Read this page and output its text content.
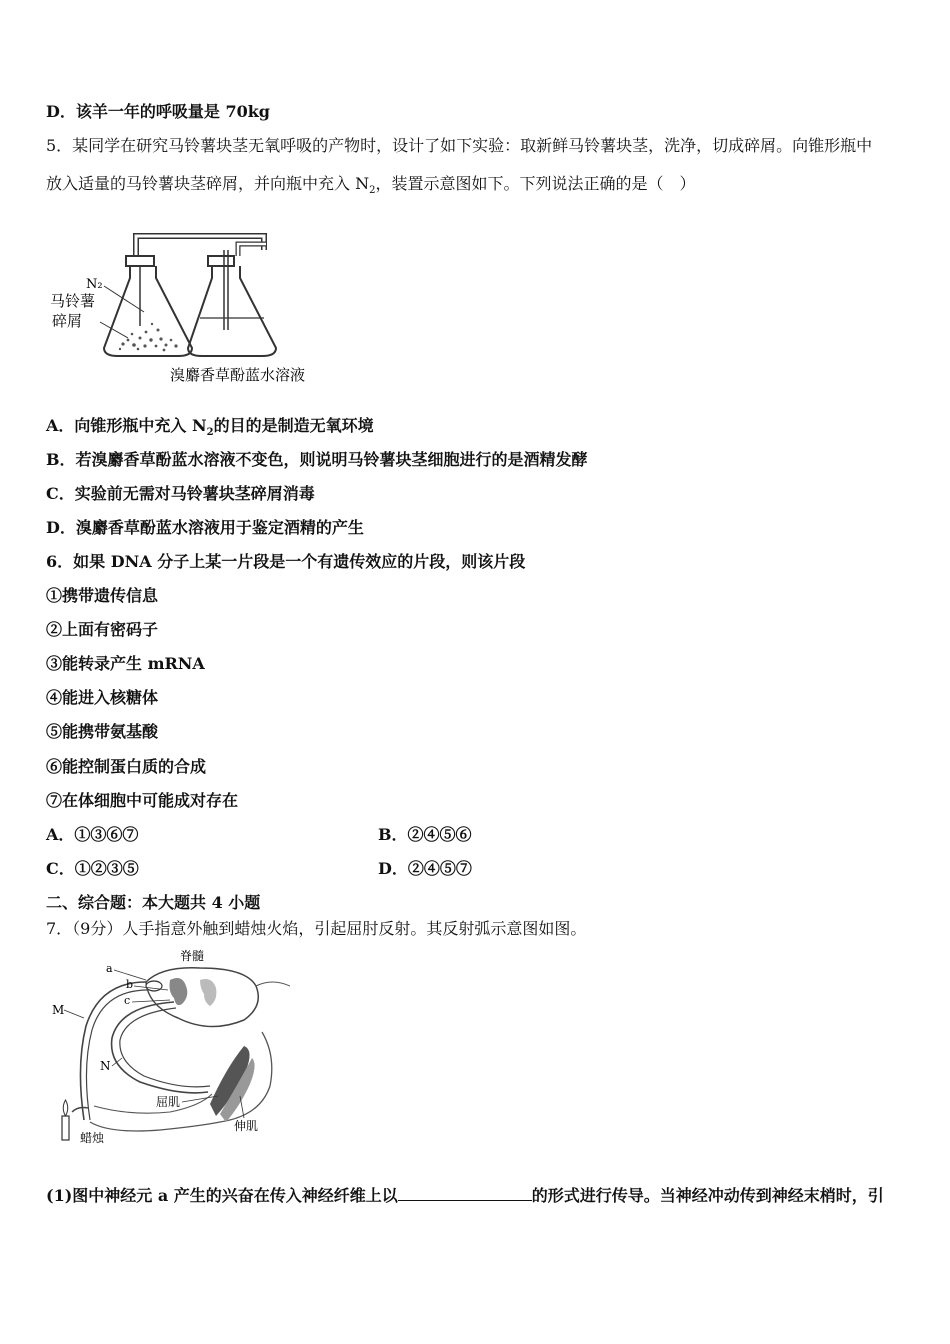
D．该羊一年的呼吸量是 70kg
5．某同学在研究马铃薯块茎无氧呼吸的产物时，设计了如下实验：取新鲜马铃薯块茎，洗净，切成碎屑。向锥形瓶中
放入适量的马铃薯块茎碎屑，并向瓶中充入 $N_2$，装置示意图如下。下列说法正确的是（　）
N₂
马铃薯
碎屑
溴麝香草酚蓝水溶液
A．向锥形瓶中充入 $N_2$的目的是制造无氧环境
B．若溴麝香草酚蓝水溶液不变色，则说明马铃薯块茎细胞进行的是酒精发酵
C．实验前无需对马铃薯块茎碎屑消毒
D．溴麝香草酚蓝水溶液用于鉴定酒精的产生
6．如果 DNA 分子上某一片段是一个有遗传效应的片段，则该片段
①携带遗传信息
②上面有密码子
③能转录产生 mRNA
④能进入核糖体
⑤能携带氨基酸
⑥能控制蛋白质的合成
⑦在体细胞中可能成对存在
A．①③⑥⑦	B．②④⑤⑥
C．①②③⑤	D．②④⑤⑦
二、综合题：本大题共 4 小题
7．（9分）人手指意外触到蜡烛火焰，引起屈肘反射。其反射弧示意图如图。
脊髓
a
b
c
M
N
屈肌
伸肌
蜡烛
(1)图中神经元 a 产生的兴奋在传入神经纤维上以	的形式进行传导。当神经冲动传到神经末梢时，引
